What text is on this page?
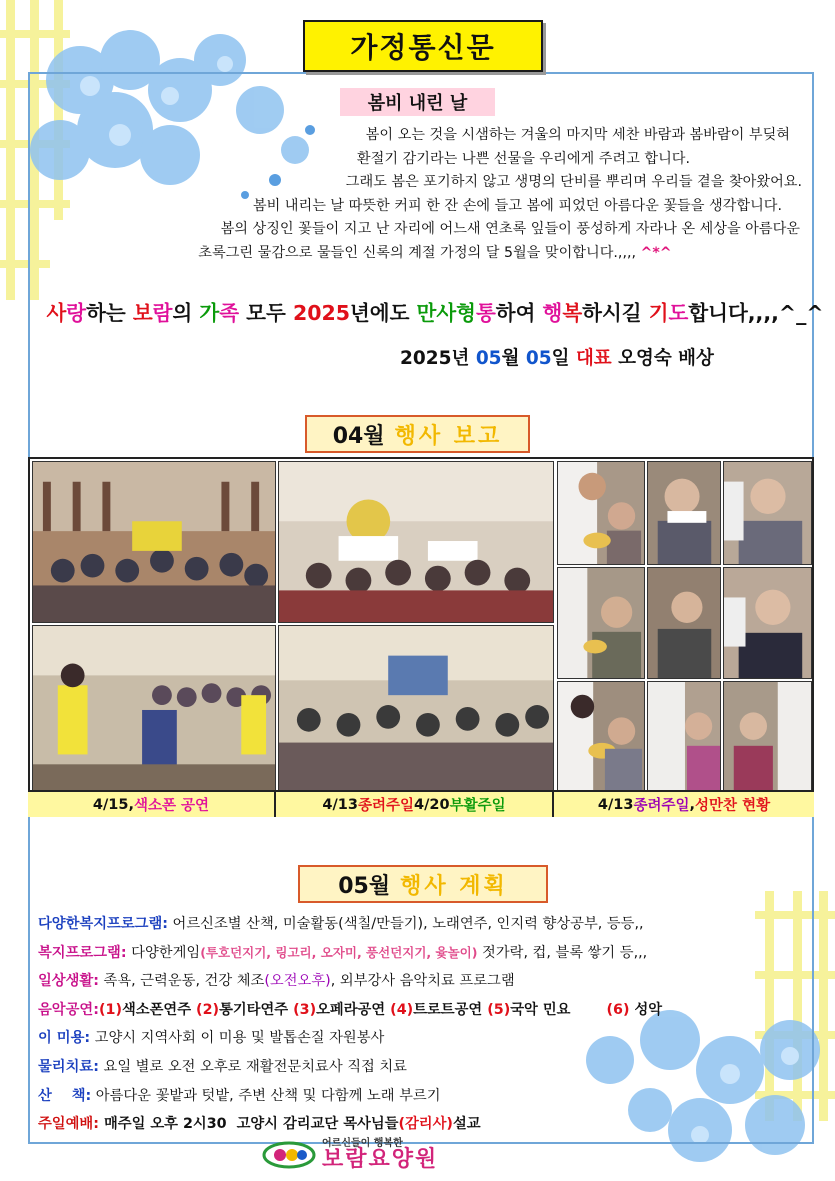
가정통신문
봄비 내린 날
봄이 오는 것을 시샘하는 겨울의 마지막 세찬 바람과 봄바람이 부딪혀
환절기 감기라는 나쁜 선물을 우리에게 주려고 합니다.
그래도 봄은 포기하지 않고 생명의 단비를 뿌리며 우리들 곁을 찾아왔어요.
봄비 내리는 날 따뜻한 커피 한 잔 손에 들고 봄에 피었던 아름다운 꽃들을 생각합니다.
봄의 상징인 꽃들이 지고 난 자리에 어느새 연초록 잎들이 풍성하게 자라나 온 세상을 아름다운
초록그린 물감으로 물들인 신록의 계절 가정의 달 5월을 맞이합니다.,,,, ^*^
사랑하는 보람의 가족 모두 2025년에도 만사형통하여 행복하시길 기도합니다,,,,^_^
2025년 05월 05일 대표 오영숙 배상
04월 행사 보고
4/15, 색소폰 공연	4/13 종려주일 4/20 부활주일	4/13 종려주일 , 성만찬 현황
05월 행사 계획
다양한복지프로그램: 어르신조별 산책, 미술활동(색칠/만들기), 노래연주, 인지력 향상공부, 등등,,
복지프로그램: 다양한게임(투호던지기, 링고리, 오자미, 풍선던지기, 윷놀이) 젓가락, 컵, 블록 쌓기 등,,,
일상생활: 족욕, 근력운동, 건강 체조(오전오후), 외부강사 음악치료 프로그램
음악공연:(1)색소폰연주 (2)통기타연주 (3)오페라공연 (4)트로트공연 (5)국악 민요	(6) 성악
이 미용: 고양시 지역사회 이 미용 및 발톱손질 자원봉사
물리치료: 요일 별로 오전 오후로 재활전문치료사 직접 치료
산    책: 아름다운 꽃밭과 텃밭, 주변 산책 및 다함께 노래 부르기
주일예배: 매주일 오후 2시30  고양시 감리교단 목사님들(감리사)설교
어르신들이 행복한
보람요양원
